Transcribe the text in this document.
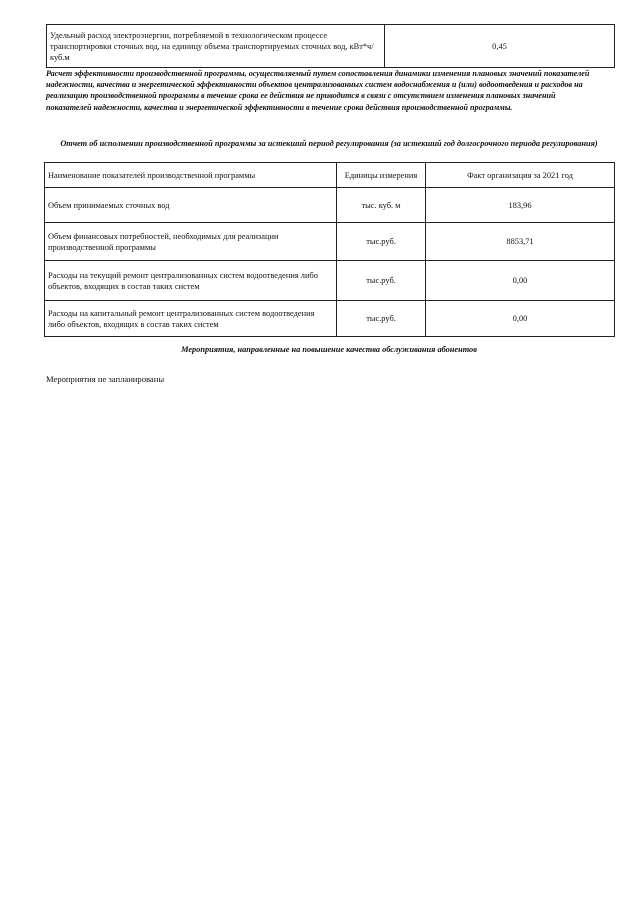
Удельный расход электроэнергии, потребляемой в технологическом процессе транспортировки сточных вод, на единицу объема транспортируемых сточных вод, кВт*ч/ куб.м	0,45
Расчет эффективности производственной программы, осуществляемый путем сопоставления динамики изменения плановых значений показателей надежности, качества и энергетической эффективности объектов централизованных систем водоснабжения и (или) водоотведения и расходов на реализацию производственной программы в течение срока ее действия не приводится в связи с отсутствием изменения плановых значений показателей надежности, качества и энергетической эффективности в течение срока действия производственной программы.
Отчет об исполнении производственной программы за истекший период регулирования (за истекший год долгосрочного периода регулирования)
Наименование показателей производственной программы	Единицы измерения	Факт организация за 2021 год
Объем принимаемых сточных вод	тыс. куб. м	183,96
Объем финансовых потребностей, необходимых для реализации производственной программы	тыс.руб.	8853,71
Расходы на текущий ремонт централизованных систем водоотведения либо объектов, входящих в состав таких систем	тыс.руб.	0,00
Расходы на капитальный ремонт централизованных систем водоотведения либо объектов, входящих в состав таких систем	тыс.руб.	0,00
Мероприятия, направленные на повышение качества обслуживания абонентов
Мероприятия не запланированы
